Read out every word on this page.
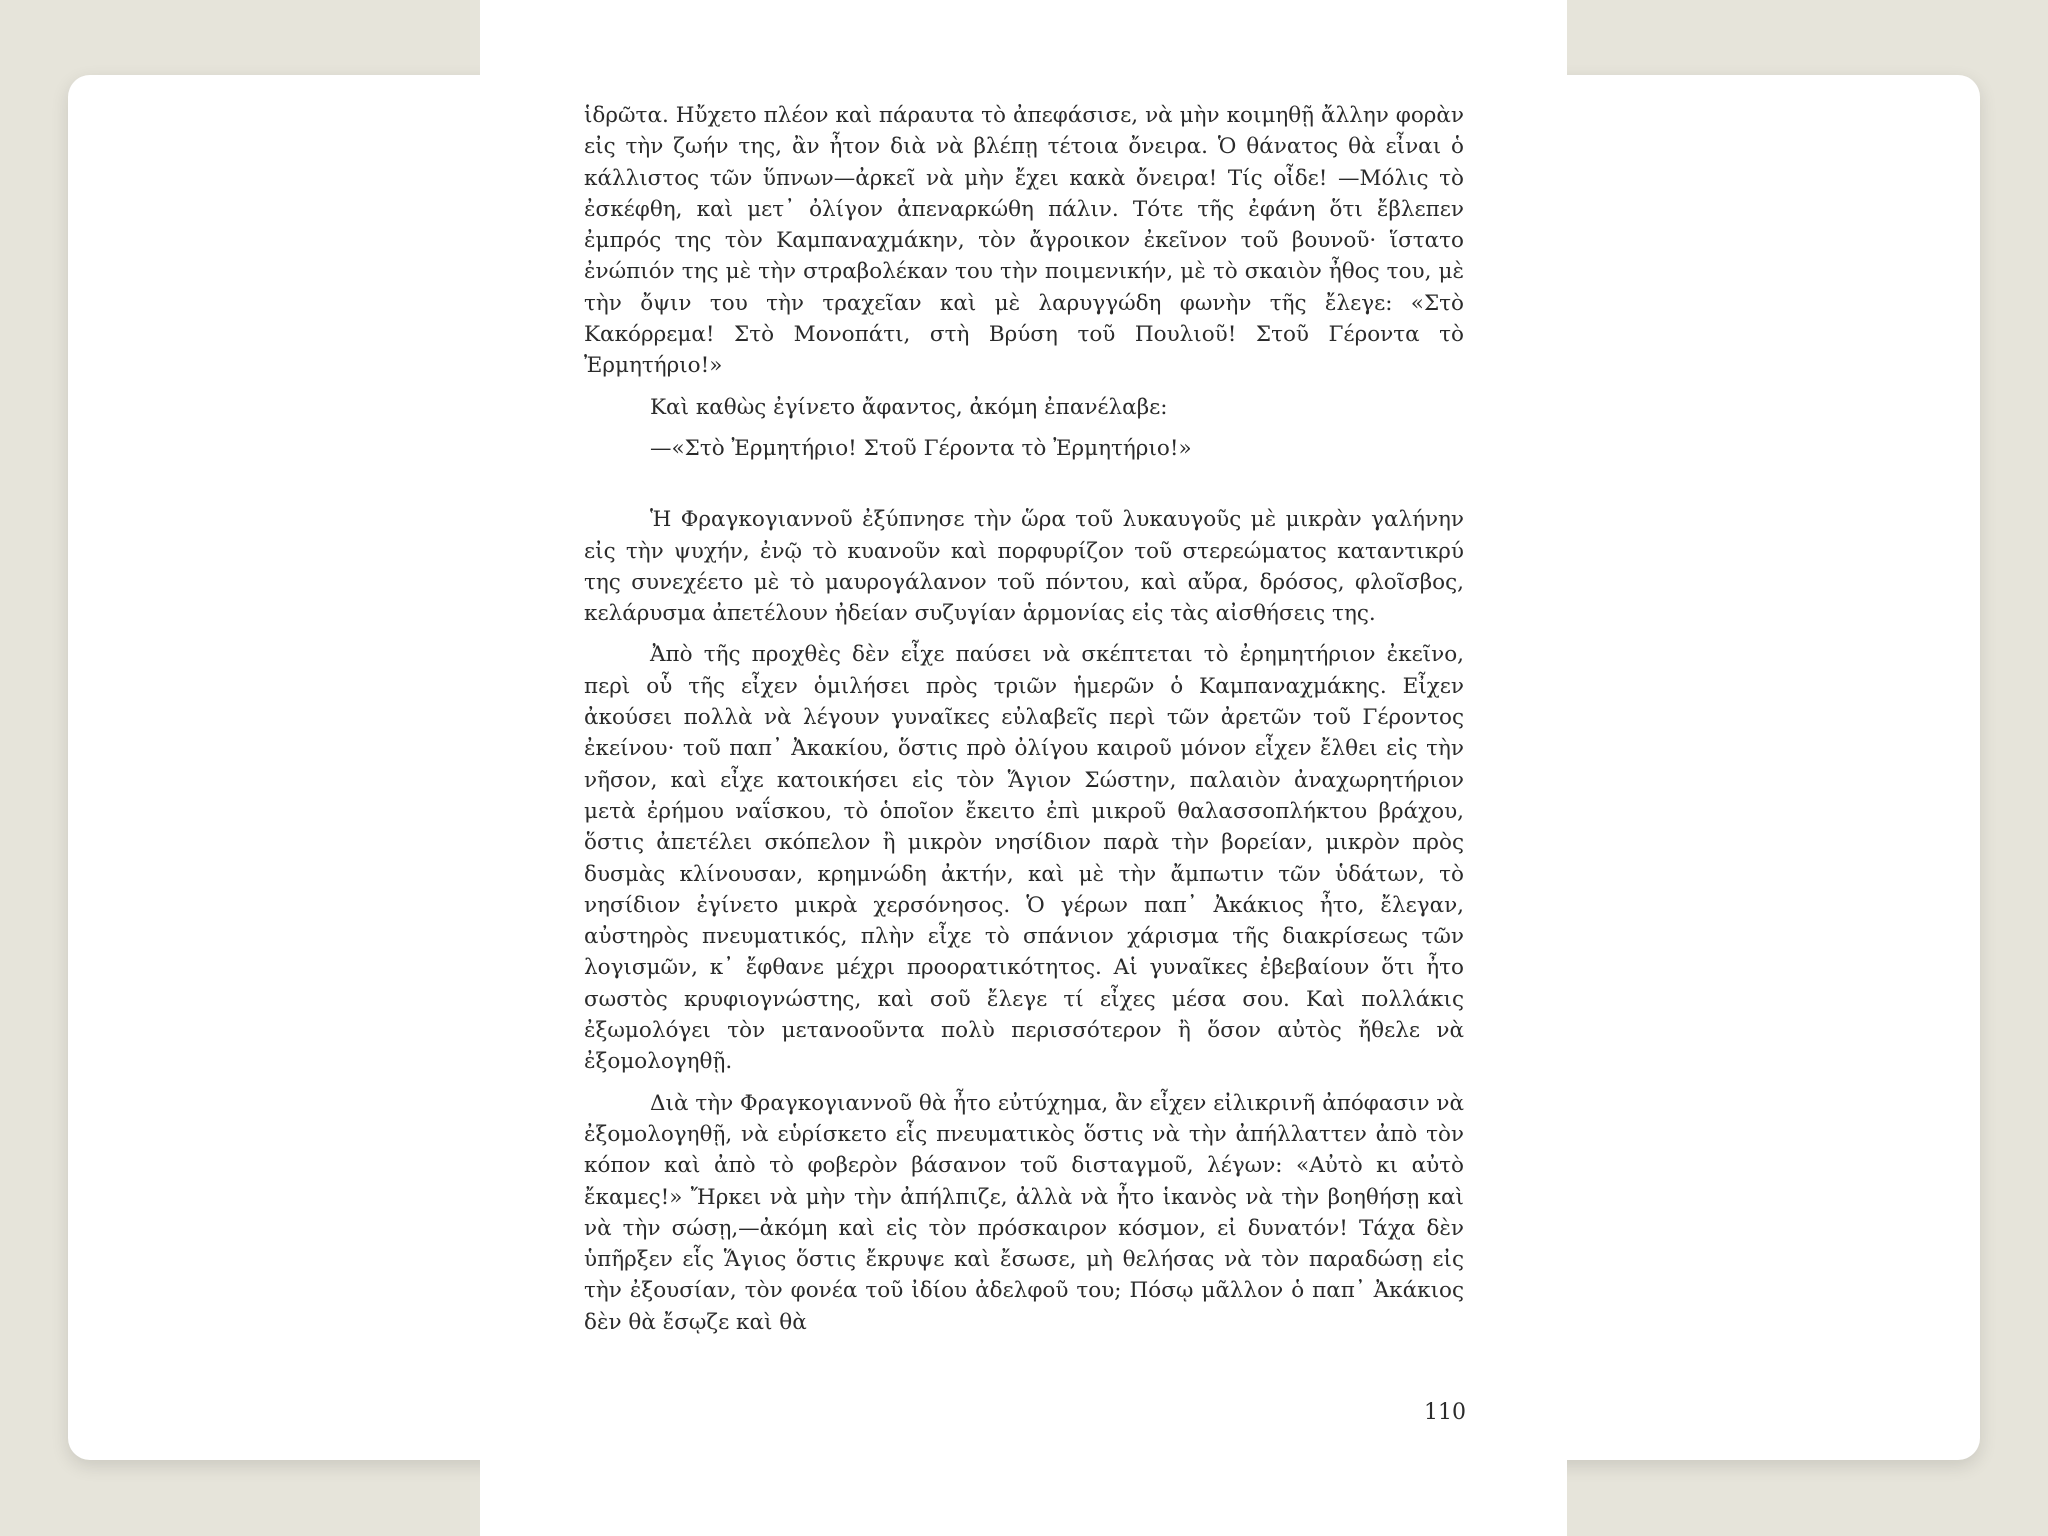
ἱδρῶτα. Ηὔχετο πλέον καὶ πάραυτα τὸ ἀπεφάσισε, νὰ μὴν κοιμηθῇ ἄλλην φορὰν εἰς τὴν ζωήν της, ἂν ἦτον διὰ νὰ βλέπῃ τέτοια ὄνειρα. Ὁ θάνατος θὰ εἶναι ὁ κάλλιστος τῶν ὕπνων—ἀρκεῖ νὰ μὴν ἔχει κακὰ ὄνειρα! Τίς οἶδε! —Μόλις τὸ ἐσκέφθη, καὶ μετ᾿ ὀλίγον ἀπεναρκώθη πάλιν. Τότε τῆς ἐφάνη ὅτι ἔβλεπεν ἐμπρός της τὸν Καμπαναχμάκην, τὸν ἄγροικον ἐκεῖνον τοῦ βουνοῦ· ἵστατο ἐνώπιόν της μὲ τὴν στραβολέκαν του τὴν ποιμενικήν, μὲ τὸ σκαιὸν ἦθος του, μὲ τὴν ὄψιν του τὴν τραχεῖαν καὶ μὲ λαρυγγώδη φωνὴν τῆς ἔλεγε: «Στὸ Κακόρρεμα! Στὸ Μονοπάτι, στὴ Βρύση τοῦ Πουλιοῦ! Στοῦ Γέροντα τὸ Ἐρμητήριο!»

Καὶ καθὼς ἐγίνετο ἄφαντος, ἀκόμη ἐπανέλαβε:

—«Στὸ Ἐρμητήριο! Στοῦ Γέροντα τὸ Ἐρμητήριο!»

Ἡ Φραγκογιαννοῦ ἐξύπνησε τὴν ὥρα τοῦ λυκαυγοῦς μὲ μικρὰν γαλήνην εἰς τὴν ψυχήν, ἐνῷ τὸ κυανοῦν καὶ πορφυρίζον τοῦ στερεώματος καταντικρύ της συνεχέετο μὲ τὸ μαυρογάλανον τοῦ πόντου, καὶ αὔρα, δρόσος, φλοῖσβος, κελάρυσμα ἀπετέλουν ἠδείαν συζυγίαν ἁρμονίας εἰς τὰς αἰσθήσεις της.

Ἀπὸ τῆς προχθὲς δὲν εἶχε παύσει νὰ σκέπτεται τὸ ἐρημητήριον ἐκεῖνο, περὶ οὗ τῆς εἶχεν ὁμιλήσει πρὸς τριῶν ἡμερῶν ὁ Καμπαναχμάκης. Εἶχεν ἀκούσει πολλὰ νὰ λέγουν γυναῖκες εὐλαβεῖς περὶ τῶν ἀρετῶν τοῦ Γέροντος ἐκείνου· τοῦ παπ᾿ Ἀκακίου, ὅστις πρὸ ὀλίγου καιροῦ μόνον εἶχεν ἔλθει εἰς τὴν νῆσον, καὶ εἶχε κατοικήσει εἰς τὸν Ἅγιον Σώστην, παλαιὸν ἀναχωρητήριον μετὰ ἐρήμου ναΐσκου, τὸ ὁποῖον ἔκειτο ἐπὶ μικροῦ θαλασσοπλήκτου βράχου, ὅστις ἀπετέλει σκόπελον ἢ μικρὸν νησίδιον παρὰ τὴν βορείαν, μικρὸν πρὸς δυσμὰς κλίνουσαν, κρημνώδη ἀκτήν, καὶ μὲ τὴν ἄμπωτιν τῶν ὑδάτων, τὸ νησίδιον ἐγίνετο μικρὰ χερσόνησος. Ὁ γέρων παπ᾿ Ἀκάκιος ἦτο, ἔλεγαν, αὐστηρὸς πνευματικός, πλὴν εἶχε τὸ σπάνιον χάρισμα τῆς διακρίσεως τῶν λογισμῶν, κ᾿ ἔφθανε μέχρι προορατικότητος. Αἱ γυναῖκες ἐβεβαίουν ὅτι ἦτο σωστὸς κρυφιογνώστης, καὶ σοῦ ἔλεγε τί εἶχες μέσα σου. Καὶ πολλάκις ἐξωμολόγει τὸν μετανοοῦντα πολὺ περισσότερον ἢ ὅσον αὐτὸς ἤθελε νὰ ἐξομολογηθῇ.

Διὰ τὴν Φραγκογιαννοῦ θὰ ἦτο εὐτύχημα, ἂν εἶχεν εἰλικρινῆ ἀπόφασιν νὰ ἐξομολογηθῇ, νὰ εὑρίσκετο εἷς πνευματικὸς ὅστις νὰ τὴν ἀπήλλαττεν ἀπὸ τὸν κόπον καὶ ἀπὸ τὸ φοβερὸν βάσανον τοῦ δισταγμοῦ, λέγων: «Αὐτὸ κι αὐτὸ ἔκαμες!» Ἤρκει νὰ μὴν τὴν ἀπήλπιζε, ἀλλὰ νὰ ἦτο ἱκανὸς νὰ τὴν βοηθήσῃ καὶ νὰ τὴν σώσῃ,—ἀκόμη καὶ εἰς τὸν πρόσκαιρον κόσμον, εἰ δυνατόν! Τάχα δὲν ὑπῆρξεν εἷς Ἅγιος ὅστις ἔκρυψε καὶ ἔσωσε, μὴ θελήσας νὰ τὸν παραδώσῃ εἰς τὴν ἐξουσίαν, τὸν φονέα τοῦ ἰδίου ἀδελφοῦ του; Πόσῳ μᾶλλον ὁ παπ᾿ Ἀκάκιος δὲν θὰ ἔσῳζε καὶ θὰ

110
